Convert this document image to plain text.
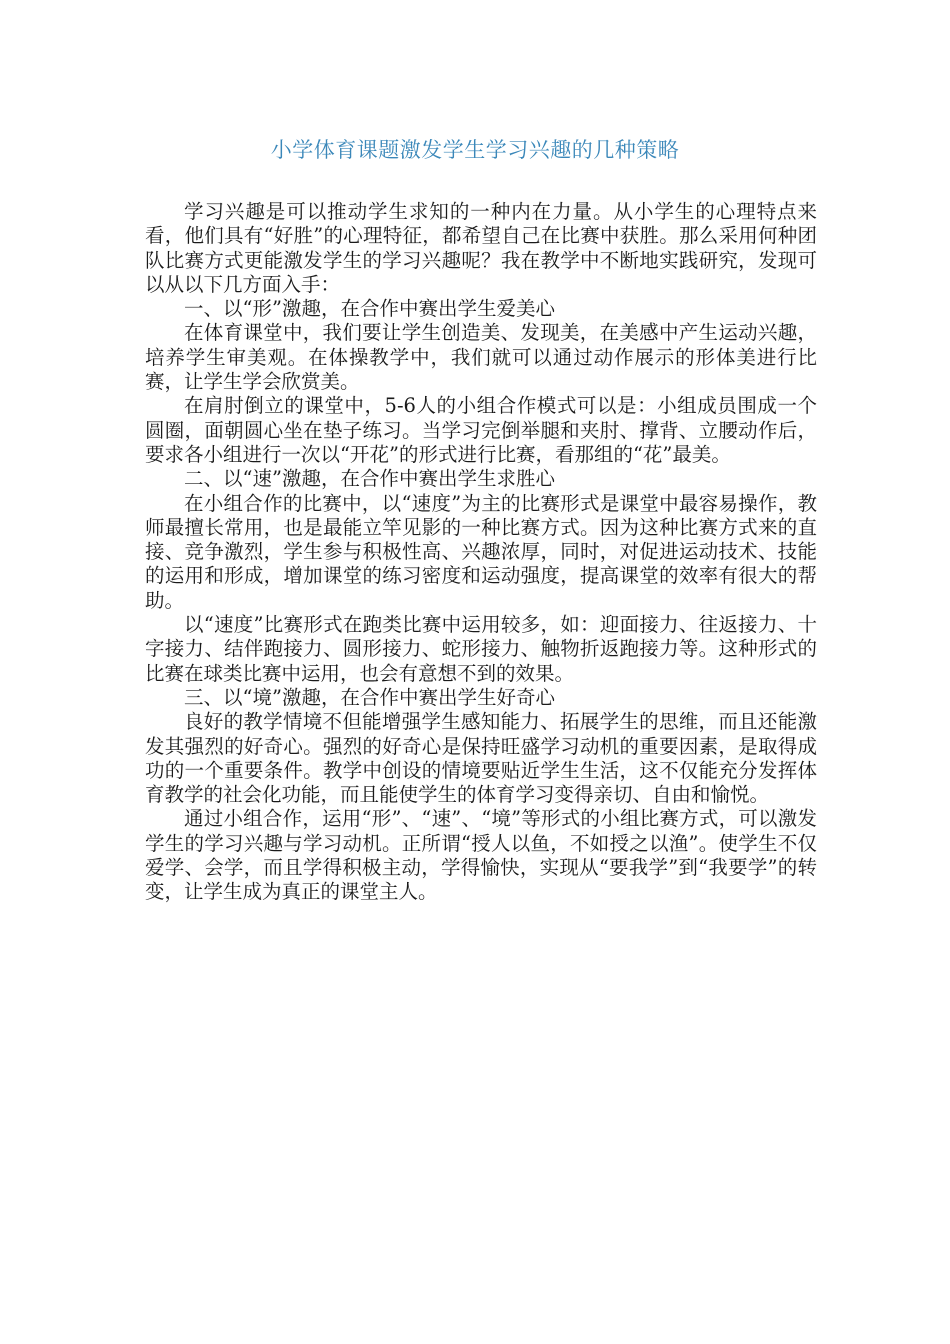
小学体育课题激发学生学习兴趣的几种策略

学习兴趣是可以推动学生求知的一种内在力量。从小学生的心理特点来看，他们具有“好胜”的心理特征，都希望自己在比赛中获胜。那么采用何种团队比赛方式更能激发学生的学习兴趣呢？我在教学中不断地实践研究，发现可以从以下几方面入手：

一、以“形”激趣，在合作中赛出学生爱美心

在体育课堂中，我们要让学生创造美、发现美，在美感中产生运动兴趣，培养学生审美观。在体操教学中，我们就可以通过动作展示的形体美进行比赛，让学生学会欣赏美。

在肩肘倒立的课堂中，5-6人的小组合作模式可以是：小组成员围成一个圆圈，面朝圆心坐在垫子练习。当学习完倒举腿和夹肘、撑背、立腰动作后，要求各小组进行一次以“开花”的形式进行比赛，看那组的“花”最美。

二、以“速”激趣，在合作中赛出学生求胜心

在小组合作的比赛中，以“速度”为主的比赛形式是课堂中最容易操作，教师最擅长常用，也是最能立竿见影的一种比赛方式。因为这种比赛方式来的直接、竞争激烈，学生参与积极性高、兴趣浓厚，同时，对促进运动技术、技能的运用和形成，增加课堂的练习密度和运动强度，提高课堂的效率有很大的帮助。

以“速度”比赛形式在跑类比赛中运用较多，如：迎面接力、往返接力、十字接力、结伴跑接力、圆形接力、蛇形接力、触物折返跑接力等。这种形式的比赛在球类比赛中运用，也会有意想不到的效果。

三、以“境”激趣，在合作中赛出学生好奇心

良好的教学情境不但能增强学生感知能力、拓展学生的思维，而且还能激发其强烈的好奇心。强烈的好奇心是保持旺盛学习动机的重要因素，是取得成功的一个重要条件。教学中创设的情境要贴近学生生活，这不仅能充分发挥体育教学的社会化功能，而且能使学生的体育学习变得亲切、自由和愉悦。

通过小组合作，运用“形”、“速”、“境”等形式的小组比赛方式，可以激发学生的学习兴趣与学习动机。正所谓“授人以鱼，不如授之以渔”。使学生不仅爱学、会学，而且学得积极主动，学得愉快，实现从“要我学”到“我要学”的转变，让学生成为真正的课堂主人。
